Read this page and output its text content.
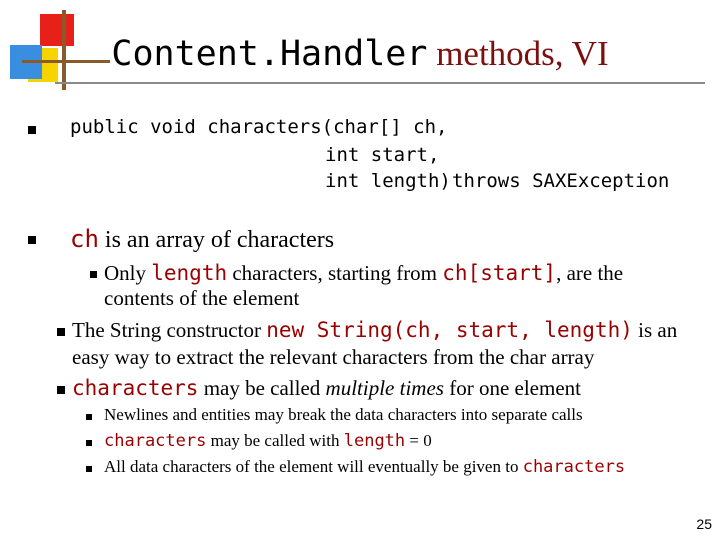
Content.Handler methods, VI
public void characters(char[] ch,
int start,
int length) throws SAXException
ch is an array of characters
Only length characters, starting from ch[start], are the
contents of the element
The String constructor new String(ch, start, length) is an
easy way to extract the relevant characters from the char array
characters may be called multiple times for one element
Newlines and entities may break the data characters into separate calls
characters may be called with length = 0
All data characters of the element will eventually be given to characters
25
